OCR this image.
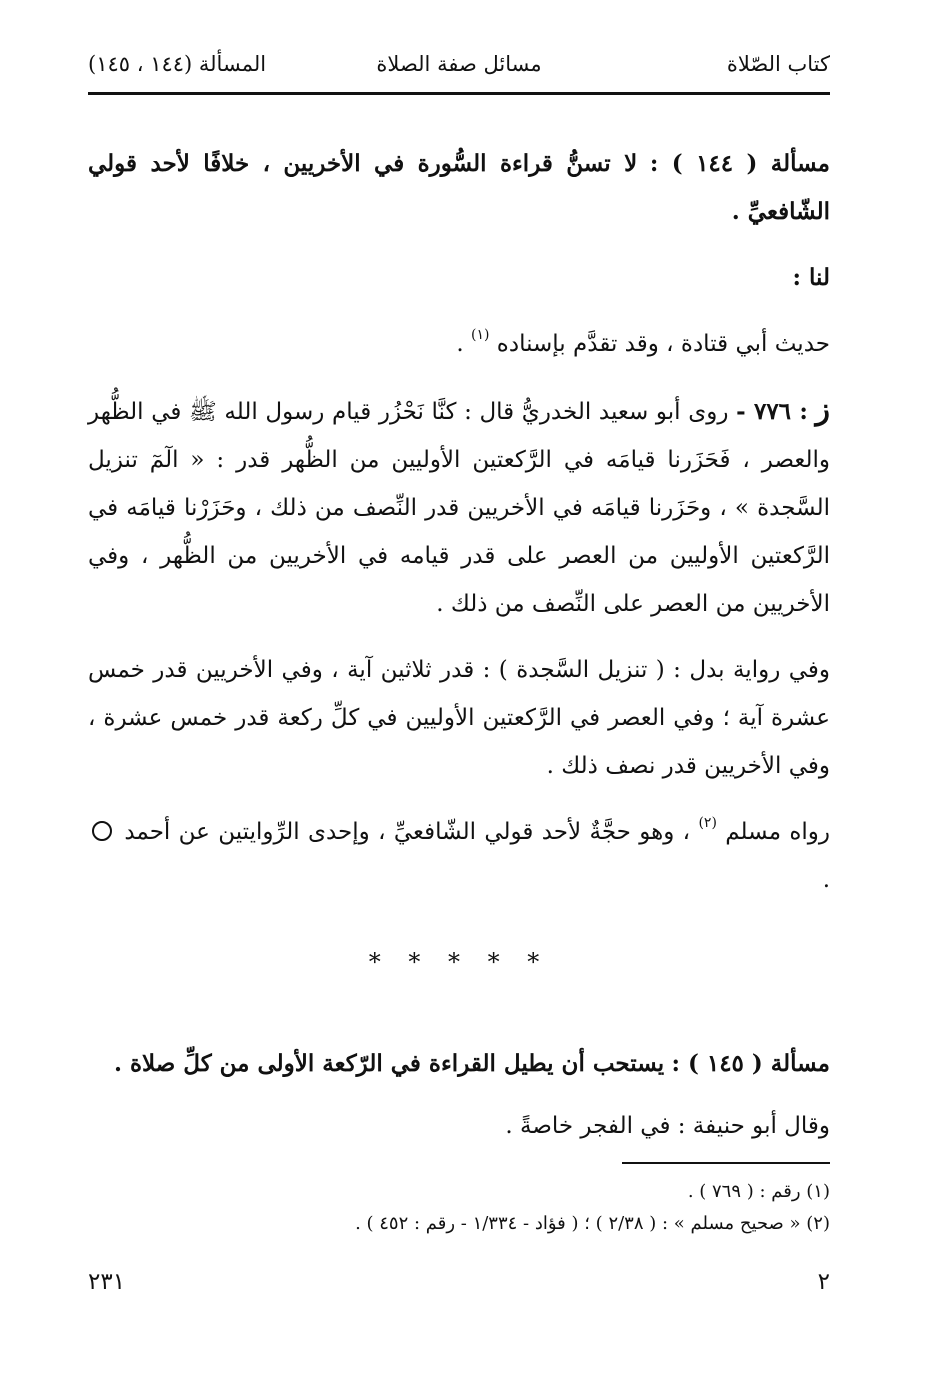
كتاب الصّلاة
مسائل صفة الصلاة
المسألة (١٤٤ ، ١٤٥)

مسألة ( ١٤٤ ) : لا تسنُّ قراءة السُّورة في الأخريين ، خلافًا لأحد قولي الشّافعيِّ .

لنا :

حديث أبي قتادة ، وقد تقدَّم بإسناده $^{(١)}$ .

ز : ٧٧٦ - روى أبو سعيد الخدريُّ قال : كنَّا نَحْزُر قيام رسول الله ﷺ في الظُّهر والعصر ، فَحَزَرنا قيامَه في الرَّكعتين الأوليين من الظُّهر قدر : « الٓمٓ تنزيل السَّجدة » ، وحَزَرنا قيامَه في الأخريين قدر النِّصف من ذلك ، وحَزَرْنا قيامَه في الرَّكعتين الأوليين من العصر على قدر قيامه في الأخريين من الظُّهر ، وفي الأخريين من العصر على النِّصف من ذلك .

وفي رواية بدل : ( تنزيل السَّجدة ) : قدر ثلاثين آية ، وفي الأخريين قدر خمس عشرة آية ؛ وفي العصر في الرَّكعتين الأوليين في كلِّ ركعة قدر خمس عشرة ، وفي الأخريين قدر نصف ذلك .

رواه مسلم $^{(٢)}$ ، وهو حجَّةٌ لأحد قولي الشّافعيِّ ، وإحدى الرِّوايتين عن أحمد  .

* * * * *

مسألة ( ١٤٥ ) : يستحب أن يطيل القراءة في الرّكعة الأولى من كلِّ صلاة .

وقال أبو حنيفة : في الفجر خاصةً .

(١) رقم : ( ٧٦٩ ) .

(٢) « صحيح مسلم » : ( ٢/٣٨ ) ؛ ( فؤاد - ١/٣٣٤ - رقم : ٤٥٢ ) .

٢
٢٣١
